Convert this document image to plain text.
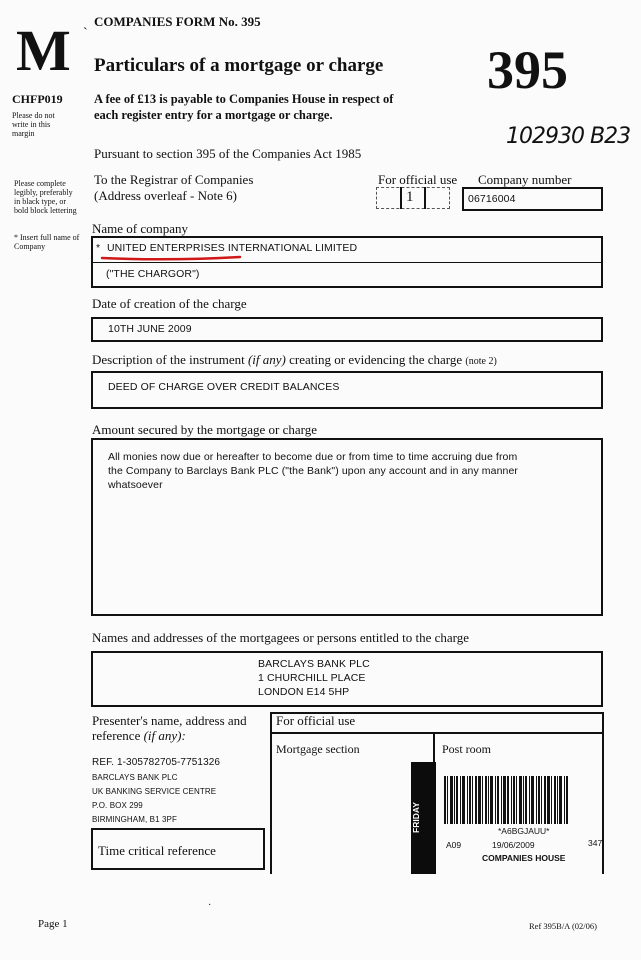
COMPANIES FORM No. 395
M `
Particulars of a mortgage or charge 395
CHFP019
Please do not write in this margin
A fee of £13 is payable to Companies House in respect of
each register entry for a mortgage or charge.
102930 B23
Pursuant to section 395 of the Companies Act 1985
Please complete legibly, preferably in black type, or bold block lettering
* Insert full name of Company
To the Registrar of Companies
(Address overleaf - Note 6)
For official use
1
Company number
06716004
Name of company
* UNITED ENTERPRISES INTERNATIONAL LIMITED
("THE CHARGOR")
Date of creation of the charge
10TH JUNE 2009
Description of the instrument (if any) creating or evidencing the charge (note 2)
DEED OF CHARGE OVER CREDIT BALANCES
Amount secured by the mortgage or charge
All monies now due or hereafter to become due or from time to time accruing due from
the Company to Barclays Bank PLC ("the Bank") upon any account and in any manner
whatsoever
Names and addresses of the mortgagees or persons entitled to the charge
BARCLAYS BANK PLC
1 CHURCHILL PLACE
LONDON E14 5HP
Presenter's name, address and
reference (if any):
REF. 1-305782705-7751326
BARCLAYS BANK PLC
UK BANKING SERVICE CENTRE
P.O. BOX 299
BIRMINGHAM, B1 3PF
Time critical reference
For official use
Mortgage section	Post room
FRIDAY	*A6BGJAUU*
A09	19/06/2009	347
COMPANIES HOUSE
Page 1	Ref 395B/A (02/06)
·
